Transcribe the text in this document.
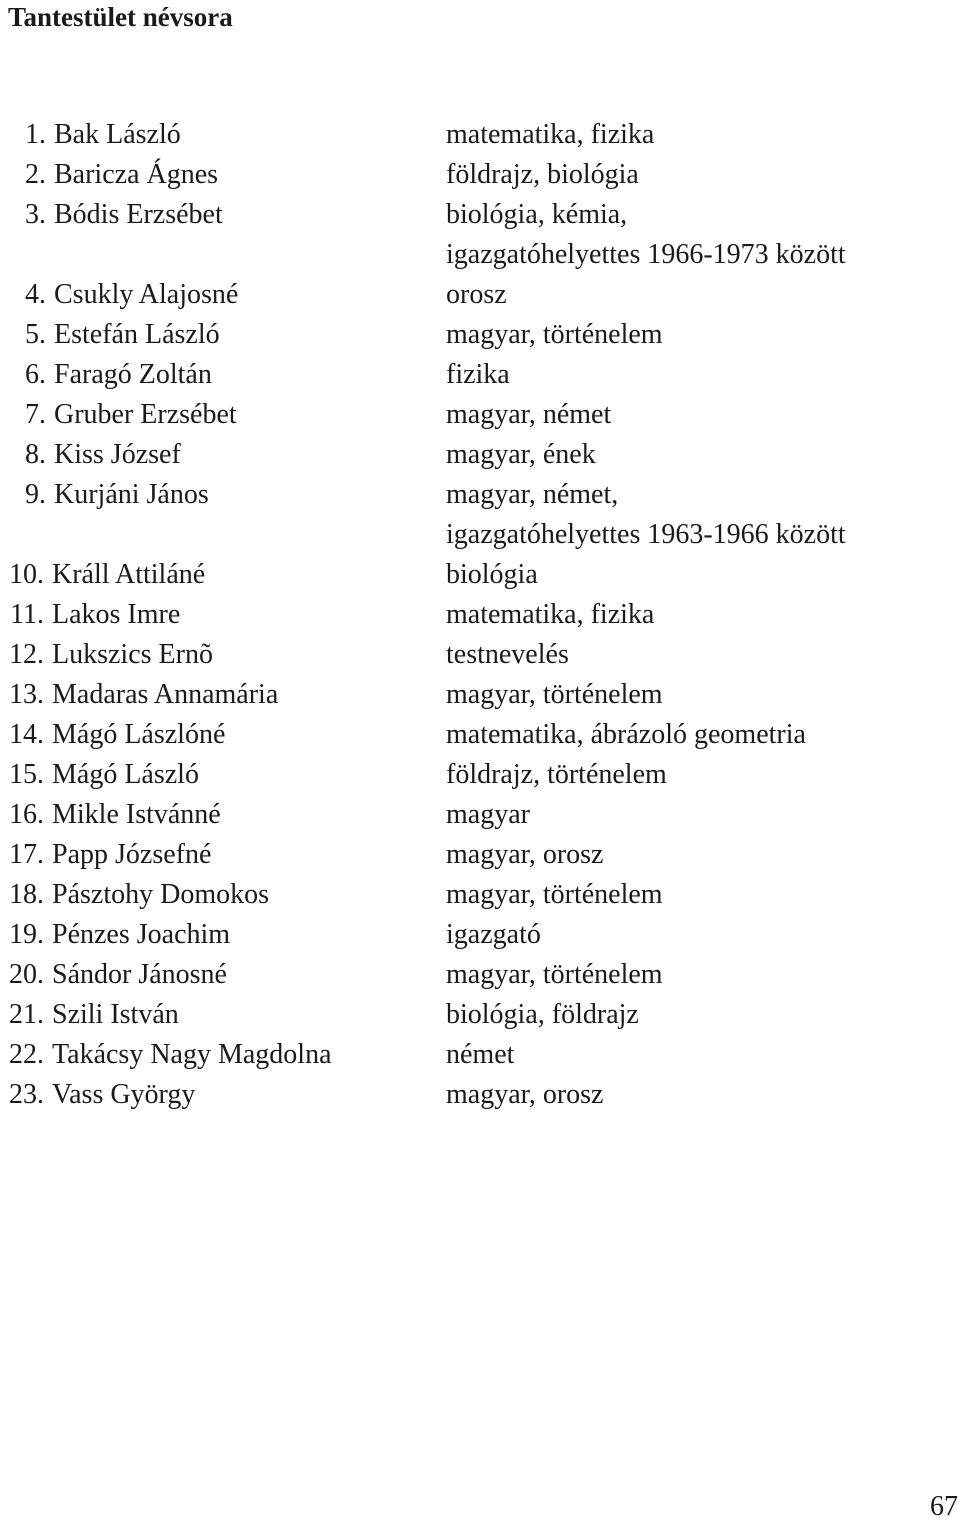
Tantestület névsora
1. Bak László	matematika, fizika
2. Baricza Ágnes	földrajz, biológia
3. Bódis Erzsébet	biológia, kémia,
igazgatóhelyettes 1966-1973 között
4. Csukly Alajosné	orosz
5. Estefán László	magyar, történelem
6. Faragó Zoltán	fizika
7. Gruber Erzsébet	magyar, német
8. Kiss József	magyar, ének
9. Kurjáni János	magyar, német,
igazgatóhelyettes 1963-1966 között
10. Králl Attiláné	biológia
11. Lakos Imre	matematika, fizika
12. Lukszics Ernõ	testnevelés
13. Madaras Annamária	magyar, történelem
14. Mágó Lászlóné	matematika, ábrázoló geometria
15. Mágó László	földrajz, történelem
16. Mikle Istvánné	magyar
17. Papp Józsefné	magyar, orosz
18. Pásztohy Domokos	magyar, történelem
19. Pénzes Joachim	igazgató
20. Sándor Jánosné	magyar, történelem
21. Szili István	biológia, földrajz
22. Takácsy Nagy Magdolna	német
23. Vass György	magyar, orosz
67
